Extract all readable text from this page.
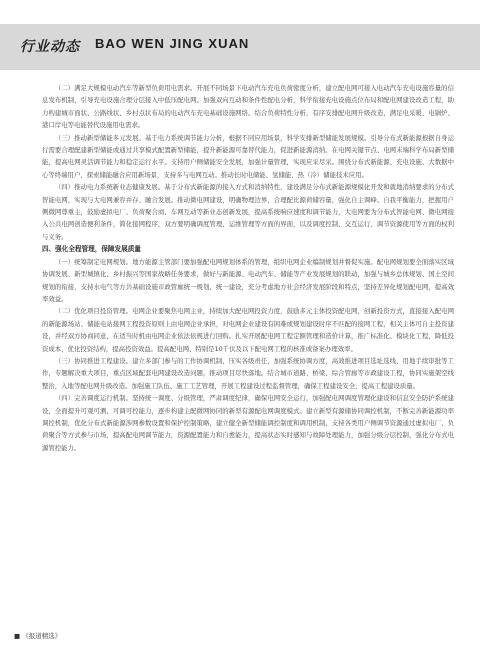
行业动态 BAO WEN JING XUAN

（二）满足大规模电动汽车等新型负荷用电需求。开展不同场景下电动汽车充电负荷密度分析，建立配电网可接入电动汽车充电设施容量的信息发布机制，引导充电设施合理分层接入中低压配电网。加强双向互动和条件性配电分析，科学衔接充电设施点位布局和配电网建设改造工程，助力构建城市面状、公路线状、乡村点状布局的电动汽车充电基础设施网络。结合负荷特性分析，有序安排配电网升级改造，满足电采暖、电锅炉、港口岸电等电能替代设施用电需求。

（三）推动新型储能多元发展。基于电力系统调节能力分析，根据不同应用场景，科学安排新型储能发展规模。引导分布式新能源根据自身运行需要合理配建新型储能或通过共享模式配置新型储能，提升新能源可靠替代能力，促进新能源消纳。在电网关键节点、电网末端科学布局新型储能，提高电网灵活调节能力和稳定运行水平。支持用户侧储能安全发展，加强计量管理，实现应采尽采。围绕分布式新能源、充电设施、大数据中心等终端用户，探索储能融合应用新场景，支持多与电网互动。推动长时电储能、氢储能、热（冷）储能技术应用。

（四）推动电力系统新业态健康发展。基于分布式新能源的接入方式和消纳特性，建设满足分布式新能源规模化开发和就地消纳要求的分布式智能电网，实现与大电网兼容并存、融合发展。推动微电网建设，明确物理边界，合理配比源荷储容量，强化自主调峰、自我平衡能力，把握用户侧微网尊重主，鼓励虚拟电厂、负荷聚合商、车网互动等新业态创新发展，提高系统响应速度和调节能力，大电网要为分布式智能电网、微电网接入公共电网创造便利条件，简化接网程序，双方要明确调度管理、运维管理等方面的界面，以及调度控制、交互运行、调节资源使用等方面的权利与义务。

四、强化全程管理，保障发展质量

（一）统筹制定电网规划。地方能源主管部门要加强配电网规划体系的管理，组织电网企业编制规划并督促实施。配电网规划要全面落实区域协调发展、新型城镇化、乡村振兴等国家战略任务要求，做好与新能源、电动汽车、储能等产业发展规划的联动，加强与城乡总体规划、国土空间规划的衔接，支持水电气等方共基础设施市政管廊统一规划、统一建设，充分考虑地方社会经济发展阶段和特点，坚持差异化规划配电网，提高效率效益。

（二）优化项目投资管理。电网企业要聚焦电网主业，持续加大配电网投资力度，鼓励多元主体投资配电网，创新投资方式，直接接入配电网的新能源场站、储能电站接网工程投资原则上由电网企业承担，对电网企业建设有困难或规划建设时序不匹配的接网工程，相关主体可自主投资建设，并经双方协商同意，在适当时机由电网企业依法依规进行回购。扎实开展配电网工程定额管理和造价计算，推广标准化、模块化工程，降低投资成本，优化投资结构，提高投资效益。提高配电网、特别是10千伏及以下配电网工程的核准或备案办理效率。

（三）协同推进工程建设。建立多部门参与的工作协调机制，压实各级责任，加强系统协调方度，高效推进项目选址选线、用地手续审批等工作，专题解决重大项目，重点区域配套电网建设改造问题，推动项目尽快落地。结合城市道路、桥梁、综合管廊等市政建设工程，协同实施架空线整治，入地等配电网升级改造。加强施工队伍、施工工艺管理，开展工程建设过程监督管理，确保工程建设安全，提高工程建设质量。

（四）完善调度运行机制。坚持统一调度、分级管理，严肃调度纪律，确保电网安全运行，加强配电网调度管理化建设和信息安全防护系统建设，全面提升可观可测、可调可控能力，逐步构建主配微网协同的新型有源配电网调度模式。建立新型有源储协同调控机制，不断完善新能源功率调控机制，优化分布式新能源涉网参数设置和保护控制策略，建立健全新型储能调控制度和调用机制，支持各类用户侧调节资源通过虚拟电厂、负荷聚合等方式参与市场，提高配电网调节能力，资源配置能力和自愈能力，提高状态实时感知与故障处理能力，加强分级分层控制，强化分布式电源管控能力。

■ 《报道精选》
